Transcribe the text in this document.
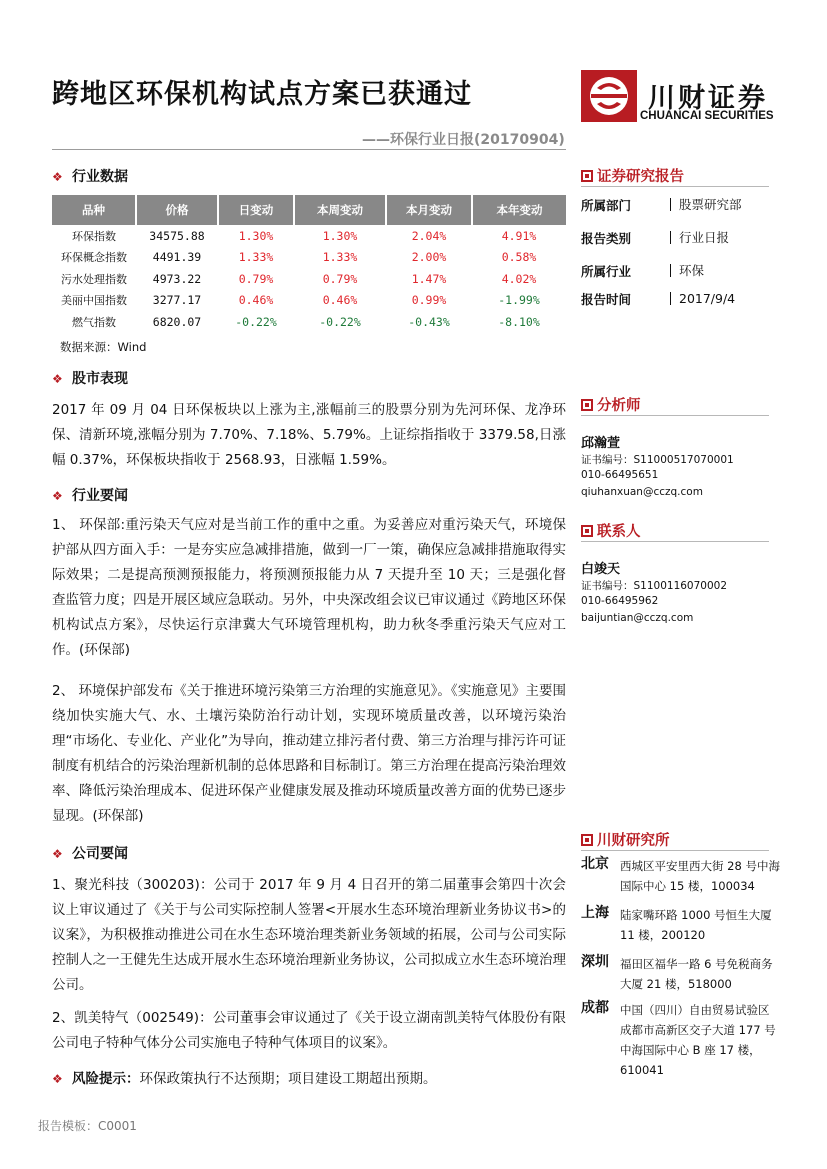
跨地区环保机构试点方案已获通过	川财证券
CHUANCAI SECURITIES
——环保行业日报(20170904)
❖ 行业数据
品种	价格	日变动	本周变动	本月变动	本年变动
环保指数	34575.88	1.30%	1.30%	2.04%	4.91%
环保概念指数	4491.39	1.33%	1.33%	2.00%	0.58%
污水处理指数	4973.22	0.79%	0.79%	1.47%	4.02%
美丽中国指数	3277.17	0.46%	0.46%	0.99%	-1.99%
燃气指数	6820.07	-0.22%	-0.22%	-0.43%	-8.10%
数据来源：Wind
❖ 股市表现
2017 年 09 月 04 日环保板块以上涨为主,涨幅前三的股票分别为先河环保、龙净环保、清新环境,涨幅分别为 7.70%、7.18%、5.79%。上证综指指收于 3379.58,日涨幅 0.37%，环保板块指收于 2568.93，日涨幅 1.59%。
❖ 行业要闻
1、 环保部:重污染天气应对是当前工作的重中之重。为妥善应对重污染天气，环境保护部从四方面入手：一是夯实应急减排措施，做到一厂一策，确保应急减排措施取得实际效果；二是提高预测预报能力，将预测预报能力从 7 天提升至 10 天；三是强化督查监管力度；四是开展区域应急联动。另外，中央深改组会议已审议通过《跨地区环保机构试点方案》，尽快运行京津冀大气环境管理机构，助力秋冬季重污染天气应对工作。(环保部)
2、 环境保护部发布《关于推进环境污染第三方治理的实施意见》。《实施意见》主要围绕加快实施大气、水、土壤污染防治行动计划，实现环境质量改善，以环境污染治理“市场化、专业化、产业化”为导向，推动建立排污者付费、第三方治理与排污许可证制度有机结合的污染治理新机制的总体思路和目标制订。第三方治理在提高污染治理效率、降低污染治理成本、促进环保产业健康发展及推动环境质量改善方面的优势已逐步显现。(环保部)
❖ 公司要闻
1、聚光科技（300203)：公司于 2017 年 9 月 4 日召开的第二届董事会第四十次会议上审议通过了《关于与公司实际控制人签署<开展水生态环境治理新业务协议书>的议案》，为积极推动推进公司在水生态环境治理类新业务领域的拓展，公司与公司实际控制人之一王健先生达成开展水生态环境治理新业务协议，公司拟成立水生态环境治理公司。
2、凯美特气（002549)：公司董事会审议通过了《关于设立湖南凯美特气体股份有限公司电子特种气体分公司实施电子特种气体项目的议案》。
❖ 风险提示：环保政策执行不达预期；项目建设工期超出预期。
证券研究报告
所属部门	股票研究部
报告类别	行业日报
所属行业	环保
报告时间	2017/9/4
分析师
邱瀚萱
证书编号：S1100051707000​1
010-66495651
qiuhanxuan@cczq.com
联系人
白竣天
证书编号：S1100116070002
010-66495962
baijuntian@cczq.com
川财研究所
北京 西城区平安里西大街 28 号中海国际中心 15 楼，100034
上海 陆家嘴环路 1000 号恒生大厦 11 楼，200120
深圳 福田区福华一路 6 号免税商务大厦 21 楼，518000
成都 中国（四川）自由贸易试验区成都市高新区交子大道 177 号中海国际中心 B 座 17 楼，610041
报告模板：C0001
